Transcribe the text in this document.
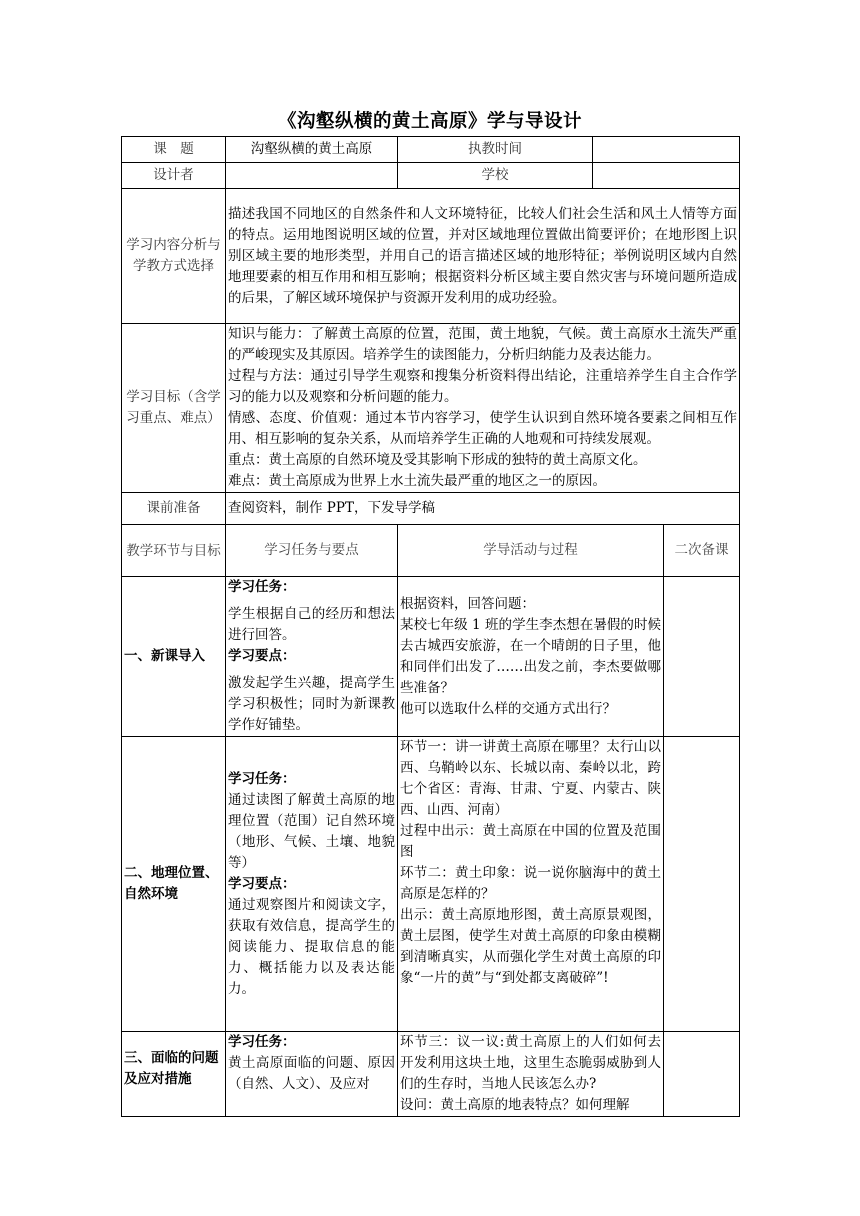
《沟壑纵横的黄土高原》学与导设计
课　题	沟壑纵横的黄土高原	执教时间		
设计者		学校		
学习内容分析与学教方式选择	描述我国不同地区的自然条件和人文环境特征，比较人们社会生活和风土人情等方面的特点。运用地图说明区域的位置，并对区域地理位置做出简要评价；在地形图上识别区域主要的地形类型，并用自己的语言描述区域的地形特征；举例说明区域内自然地理要素的相互作用和相互影响；根据资料分析区域主要自然灾害与环境问题所造成的后果，了解区域环境保护与资源开发利用的成功经验。			
学习目标（含学习重点、难点）	知识与能力：了解黄土高原的位置，范围，黄土地貌，气候。黄土高原水土流失严重的严峻现实及其原因。培养学生的读图能力，分析归纳能力及表达能力。
过程与方法：通过引导学生观察和搜集分析资料得出结论，注重培养学生自主合作学习的能力以及观察和分析问题的能力。
情感、态度、价值观：通过本节内容学习，使学生认识到自然环境各要素之间相互作用、相互影响的复杂关系，从而培养学生正确的人地观和可持续发展观。
重点：黄土高原的自然环境及受其影响下形成的独特的黄土高原文化。
难点：黄土高原成为世界上水土流失最严重的地区之一的原因。			

课前准备	查阅资料，制作 PPT，下发导学稿			
教学环节与目标	学习任务与要点	学导活动与过程		二次备课
一、新课导入	学习任务：
学生根据自己的经历和想法进行回答。
学习要点：
激发起学生兴趣，提高学生学习积极性；同时为新课教学作好铺垫。	根据资料，回答问题：
某校七年级 1 班的学生李杰想在暑假的时候去古城西安旅游，在一个晴朗的日子里，他和同伴们出发了……出发之前，李杰要做哪些准备？
他可以选取什么样的交通方式出行？		

二、地理位置、自然环境	学习任务：
通过读图了解黄土高原的地理位置（范围）记自然环境（地形、气候、土壤、地貌等）
学习要点：
通过观察图片和阅读文字，获取有效信息，提高学生的阅读能力、提取信息的能力、概括能力以及表达能力。	环节一：讲一讲黄土高原在哪里？太行山以西、乌鞘岭以东、长城以南、秦岭以北，跨七个省区：青海、甘肃、宁夏、内蒙古、陕西、山西、河南）
过程中出示：黄土高原在中国的位置及范围图
环节二：黄土印象：说一说你脑海中的黄土高原是怎样的？
出示：黄土高原地形图，黄土高原景观图，黄土层图，使学生对黄土高原的印象由模糊到清晰真实，从而强化学生对黄土高原的印象“一片的黄”与“到处都支离破碎”!		

三、面临的问题及应对措施	学习任务：
黄土高原面临的问题、原因（自然、人文）、及应对	环节三：议一议:黄土高原上的人们如何去开发利用这块土地，这里生态脆弱威胁到人们的生存时，当地人民该怎么办?
设问：黄土高原的地表特点？如何理解		
